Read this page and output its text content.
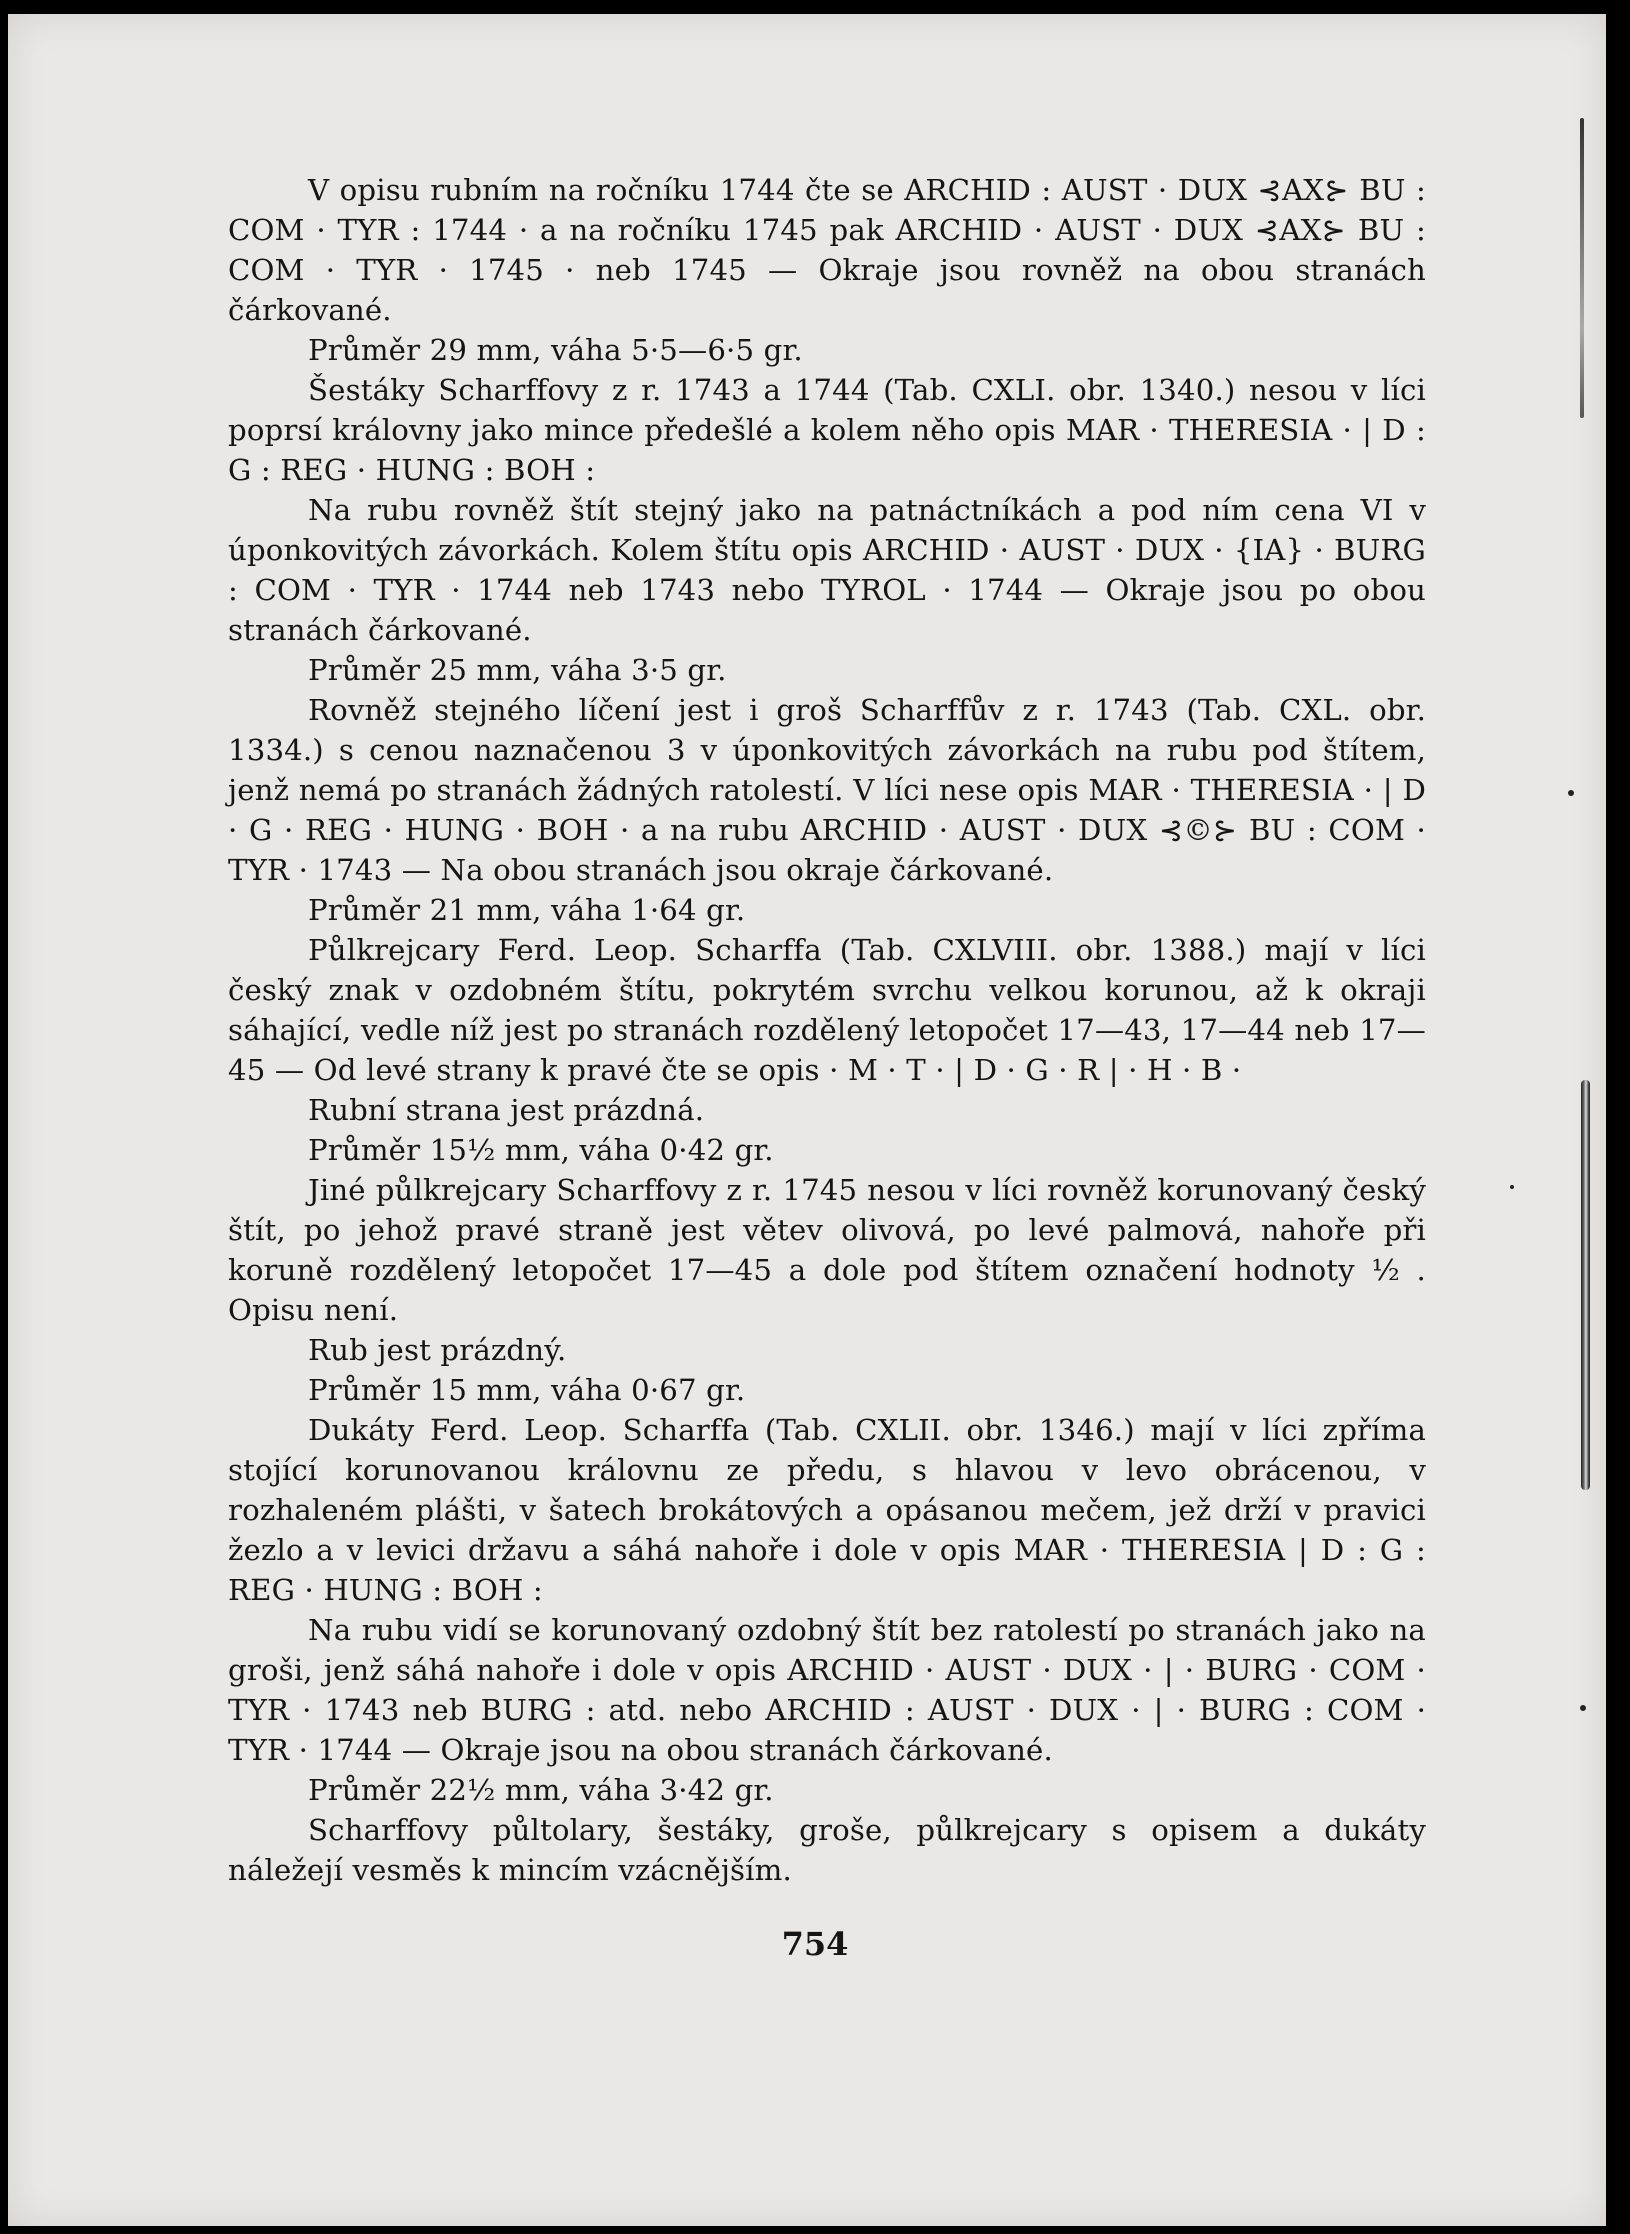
V opisu rubním na ročníku 1744 čte se ARCHID : AUST · DUX ⊰AX⊱ BU : COM · TYR : 1744 · a na ročníku 1745 pak ARCHID · AUST · DUX ⊰AX⊱ BU : COM · TYR · 1745 · neb 1745 — Okraje jsou rovněž na obou stranách čárkované.

Průměr 29 mm, váha 5·5—6·5 gr.

Šestáky Scharffovy z r. 1743 a 1744 (Tab. CXLI. obr. 1340.) nesou v líci poprsí královny jako mince předešlé a kolem něho opis MAR · THERESIA · | D : G : REG · HUNG : BOH :

Na rubu rovněž štít stejný jako na patnáctníkách a pod ním cena VI v úponkovitých závorkách. Kolem štítu opis ARCHID · AUST · DUX · {IA} · BURG : COM · TYR · 1744 neb 1743 nebo TYROL · 1744 — Okraje jsou po obou stranách čárkované.

Průměr 25 mm, váha 3·5 gr.

Rovněž stejného líčení jest i groš Scharffův z r. 1743 (Tab. CXL. obr. 1334.) s cenou naznačenou 3 v úponkovitých závorkách na rubu pod štítem, jenž nemá po stranách žádných ratolestí. V líci nese opis MAR · THERESIA · | D · G · REG · HUNG · BOH · a na rubu ARCHID · AUST · DUX ⊰©⊱ BU : COM · TYR · 1743 — Na obou stranách jsou okraje čárkované.

Průměr 21 mm, váha 1·64 gr.

Půlkrejcary Ferd. Leop. Scharffa (Tab. CXLVIII. obr. 1388.) mají v líci český znak v ozdobném štítu, pokrytém svrchu velkou korunou, až k okraji sáhající, vedle níž jest po stranách rozdělený letopočet 17—43, 17—44 neb 17—45 — Od levé strany k pravé čte se opis · M · T · | D · G · R | · H · B ·

Rubní strana jest prázdná.

Průměr 15½ mm, váha 0·42 gr.

Jiné půlkrejcary Scharffovy z r. 1745 nesou v líci rovněž korunovaný český štít, po jehož pravé straně jest větev olivová, po levé palmová, nahoře při koruně rozdělený letopočet 17—45 a dole pod štítem označení hodnoty ½ . Opisu není.

Rub jest prázdný.

Průměr 15 mm, váha 0·67 gr.

Dukáty Ferd. Leop. Scharffa (Tab. CXLII. obr. 1346.) mají v líci zpříma stojící korunovanou královnu ze předu, s hlavou v levo obrácenou, v rozhaleném plášti, v šatech brokátových a opásanou mečem, jež drží v pravici žezlo a v levici državu a sáhá nahoře i dole v opis MAR · THERESIA | D : G : REG · HUNG : BOH :

Na rubu vidí se korunovaný ozdobný štít bez ratolestí po stranách jako na groši, jenž sáhá nahoře i dole v opis ARCHID · AUST · DUX · | · BURG · COM · TYR · 1743 neb BURG : atd. nebo ARCHID : AUST · DUX · | · BURG : COM · TYR · 1744 — Okraje jsou na obou stranách čárkované.

Průměr 22½ mm, váha 3·42 gr.

Scharffovy půltolary, šestáky, groše, půlkrejcary s opisem a dukáty náležejí vesměs k mincím vzácnějším.

754
